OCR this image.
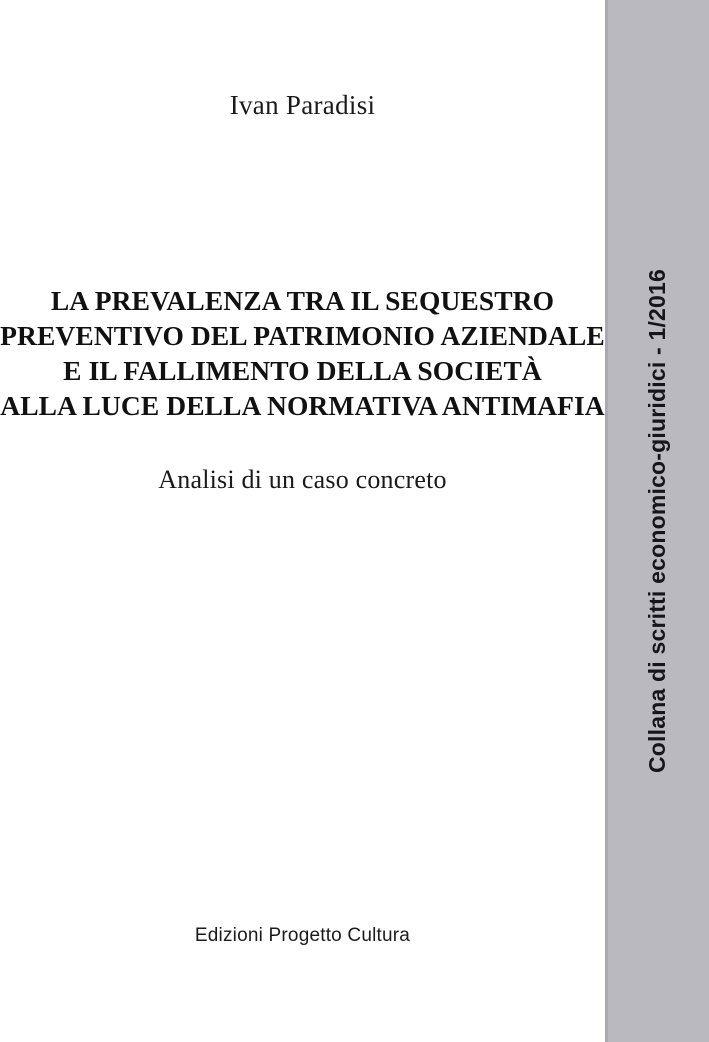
Ivan Paradisi
LA PREVALENZA TRA IL SEQUESTRO
PREVENTIVO DEL PATRIMONIO AZIENDALE
E IL FALLIMENTO DELLA SOCIETÀ
ALLA LUCE DELLA NORMATIVA ANTIMAFIA
Analisi di un caso concreto
Edizioni Progetto Cultura
Collana di scritti economico-giuridici - 1/2016
